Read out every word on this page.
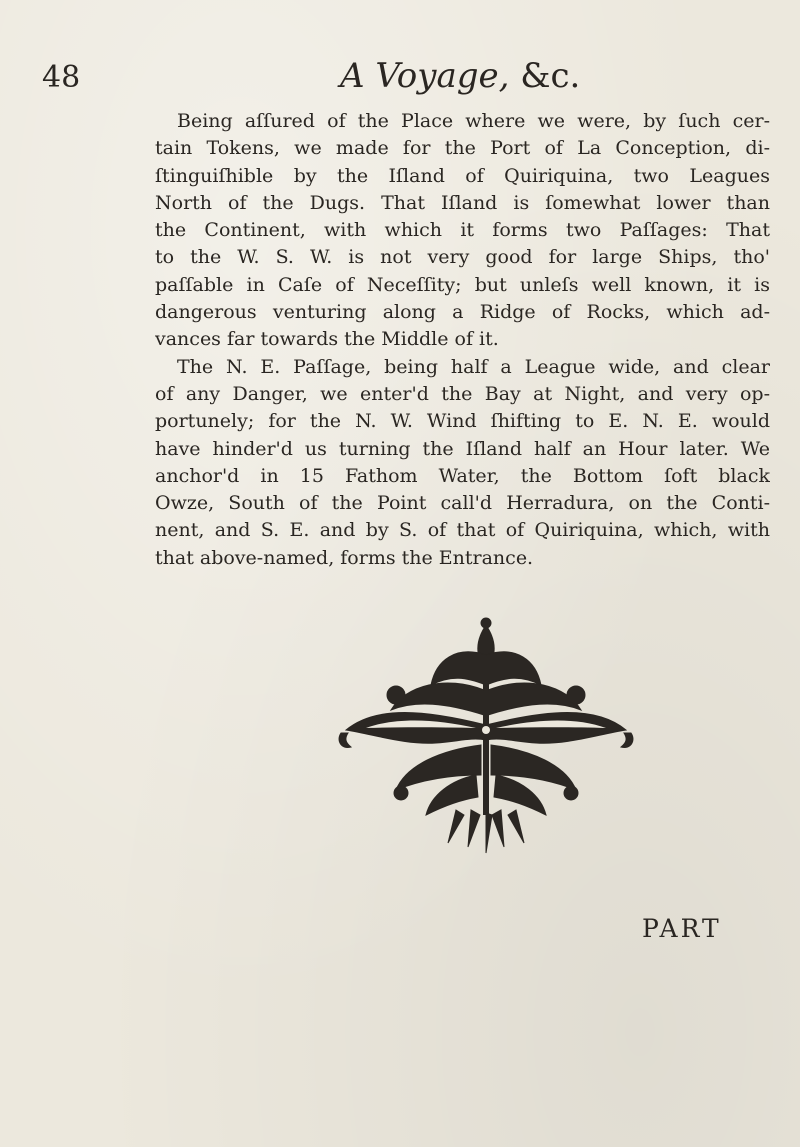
48	A Voyage, &c.
Being aſſured of the Place where we were, by ſuch cer-
tain Tokens, we made for the Port of La Conception, di-
ſtinguiſhible by the Iſland of Quiriquina, two Leagues
North of the Dugs. That Iſland is ſomewhat lower than
the Continent, with which it forms two Paſſages: That
to the W. S. W. is not very good for large Ships, tho'
paſſable in Caſe of Neceſſity; but unleſs well known, it is
dangerous venturing along a Ridge of Rocks, which ad-
vances far towards the Middle of it.
The N. E. Paſſage, being half a League wide, and clear
of any Danger, we enter'd the Bay at Night, and very op-
portunely; for the N. W. Wind ſhifting to E. N. E. would
have hinder'd us turning the Iſland half an Hour later. We
anchor'd in 15 Fathom Water, the Bottom ſoft black
Owze, South of the Point call'd Herradura, on the Conti-
nent, and S. E. and by S. of that of Quiriquina, which, with
that above-named, forms the Entrance.
PART
